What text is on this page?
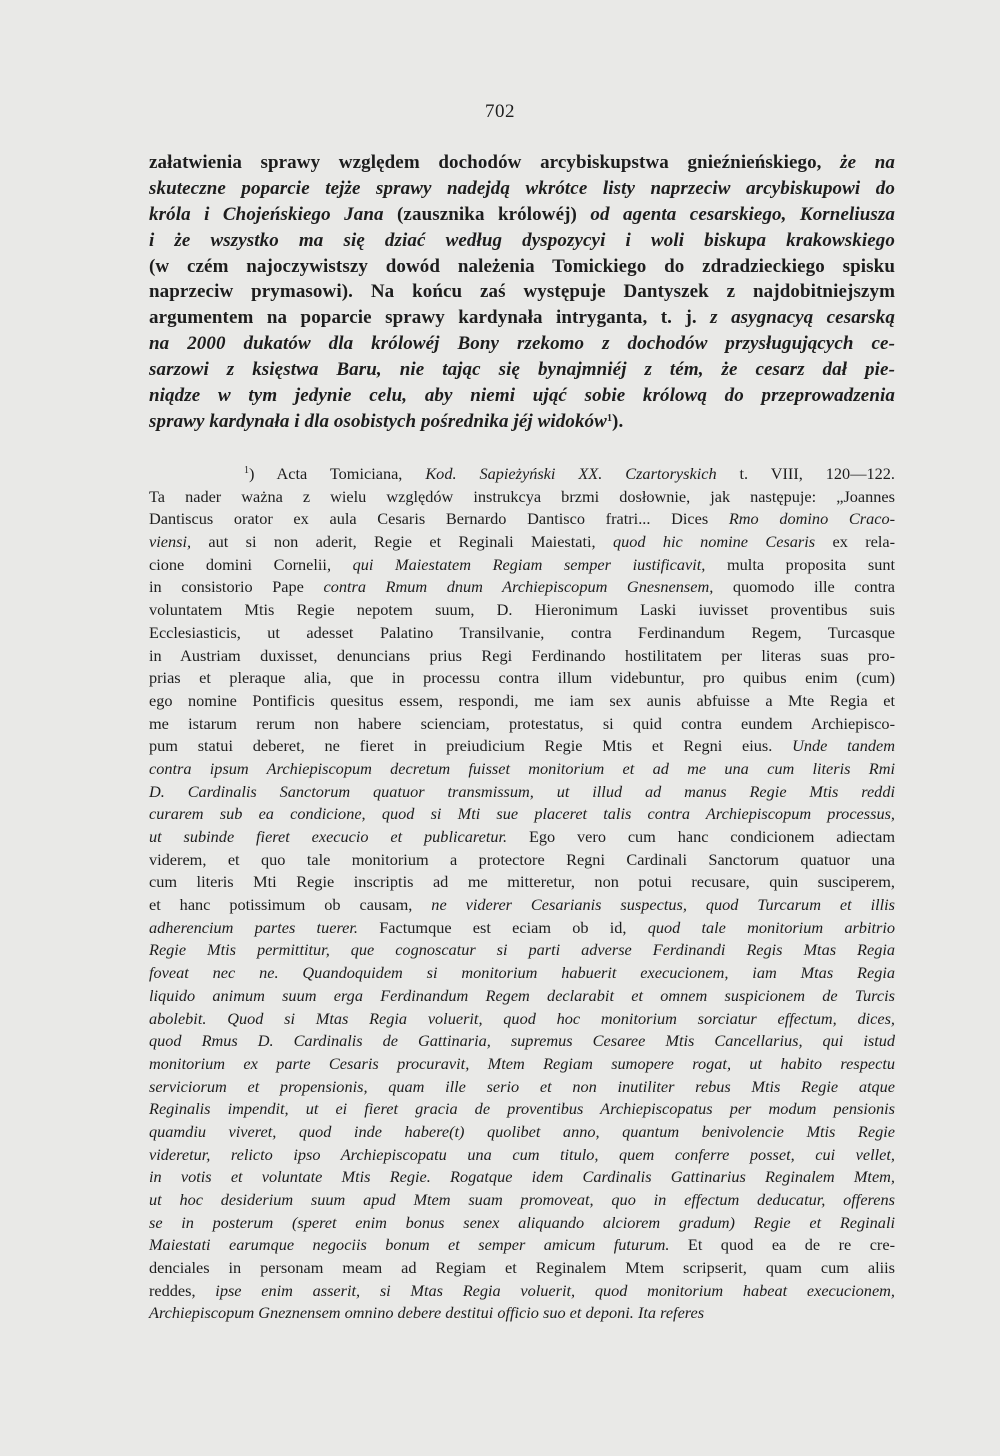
702
załatwienia sprawy względem dochodów arcybiskupstwa gnieźnieńskiego, że na
skuteczne poparcie tejże sprawy nadejdą wkrótce listy naprzeciw arcybiskupowi do
króla i Chojeńskiego Jana (zausznika królowéj) od agenta cesarskiego, Korneliusza
i że wszystko ma się dziać według dyspozycyi i woli biskupa krakowskiego
(w czém najoczywistszy dowód należenia Tomickiego do zdradzieckiego spisku
naprzeciw prymasowi). Na końcu zaś występuje Dantyszek z najdobitniejszym
argumentem na poparcie sprawy kardynała intryganta, t. j. z asygnacyą cesarską
na 2000 dukatów dla królowéj Bony rzekomo z dochodów przysługujących ce-
sarzowi z księstwa Baru, nie tając się bynajmniéj z tém, że cesarz dał pie-
niądze w tym jedynie celu, aby niemi ująć sobie królową do przeprowadzenia
sprawy kardynała i dla osobistych pośrednika jéj widoków$^1$).
$^1$) Acta Tomiciana, Kod. Sapieżyński XX. Czartoryskich t. VIII, 120—122.
Ta nader ważna z wielu względów instrukcya brzmi dosłownie, jak następuje: „Joannes
Dantiscus orator ex aula Cesaris Bernardo Dantisco fratri... Dices Rmo domino Craco-
viensi, aut si non aderit, Regie et Reginali Maiestati, quod hic nomine Cesaris ex rela-
cione domini Cornelii, qui Maiestatem Regiam semper iustificavit, multa proposita sunt
in consistorio Pape contra Rmum dnum Archiepiscopum Gnesnensem, quomodo ille contra
voluntatem Mtis Regie nepotem suum, D. Hieronimum Laski iuvisset proventibus suis
Ecclesiasticis, ut adesset Palatino Transilvanie, contra Ferdinandum Regem, Turcasque
in Austriam duxisset, denuncians prius Regi Ferdinando hostilitatem per literas suas pro-
prias et pleraque alia, que in processu contra illum videbuntur, pro quibus enim (cum)
ego nomine Pontificis quesitus essem, respondi, me iam sex aunis abfuisse a Mte Regia et
me istarum rerum non habere scienciam, protestatus, si quid contra eundem Archiepisco-
pum statui deberet, ne fieret in preiudicium Regie Mtis et Regni eius. Unde tandem
contra ipsum Archiepiscopum decretum fuisset monitorium et ad me una cum literis Rmi
D. Cardinalis Sanctorum quatuor transmissum, ut illud ad manus Regie Mtis reddi
curarem sub ea condicione, quod si Mti sue placeret talis contra Archiepiscopum processus,
ut subinde fieret execucio et publicaretur. Ego vero cum hanc condicionem adiectam
viderem, et quo tale monitorium a protectore Regni Cardinali Sanctorum quatuor una
cum literis Mti Regie inscriptis ad me mitteretur, non potui recusare, quin susciperem,
et hanc potissimum ob causam, ne viderer Cesarianis suspectus, quod Turcarum et illis
adherencium partes tuerer. Factumque est eciam ob id, quod tale monitorium arbitrio
Regie Mtis permittitur, que cognoscatur si parti adverse Ferdinandi Regis Mtas Regia
foveat nec ne. Quandoquidem si monitorium habuerit execucionem, iam Mtas Regia
liquido animum suum erga Ferdinandum Regem declarabit et omnem suspicionem de Turcis
abolebit. Quod si Mtas Regia voluerit, quod hoc monitorium sorciatur effectum, dices,
quod Rmus D. Cardinalis de Gattinaria, supremus Cesaree Mtis Cancellarius, qui istud
monitorium ex parte Cesaris procuravit, Mtem Regiam sumopere rogat, ut habito respectu
serviciorum et propensionis, quam ille serio et non inutiliter rebus Mtis Regie atque
Reginalis impendit, ut ei fieret gracia de proventibus Archiepiscopatus per modum pensionis
quamdiu viveret, quod inde habere(t) quolibet anno, quantum benivolencie Mtis Regie
videretur, relicto ipso Archiepiscopatu una cum titulo, quem conferre posset, cui vellet,
in votis et voluntate Mtis Regie. Rogatque idem Cardinalis Gattinarius Reginalem Mtem,
ut hoc desiderium suum apud Mtem suam promoveat, quo in effectum deducatur, offerens
se in posterum (speret enim bonus senex aliquando alciorem gradum) Regie et Reginali
Maiestati earumque negociis bonum et semper amicum futurum. Et quod ea de re cre-
denciales in personam meam ad Regiam et Reginalem Mtem scripserit, quam cum aliis
reddes, ipse enim asserit, si Mtas Regia voluerit, quod monitorium habeat execucionem,
Archiepiscopum Gneznensem omnino debere destitui officio suo et deponi. Ita referes
